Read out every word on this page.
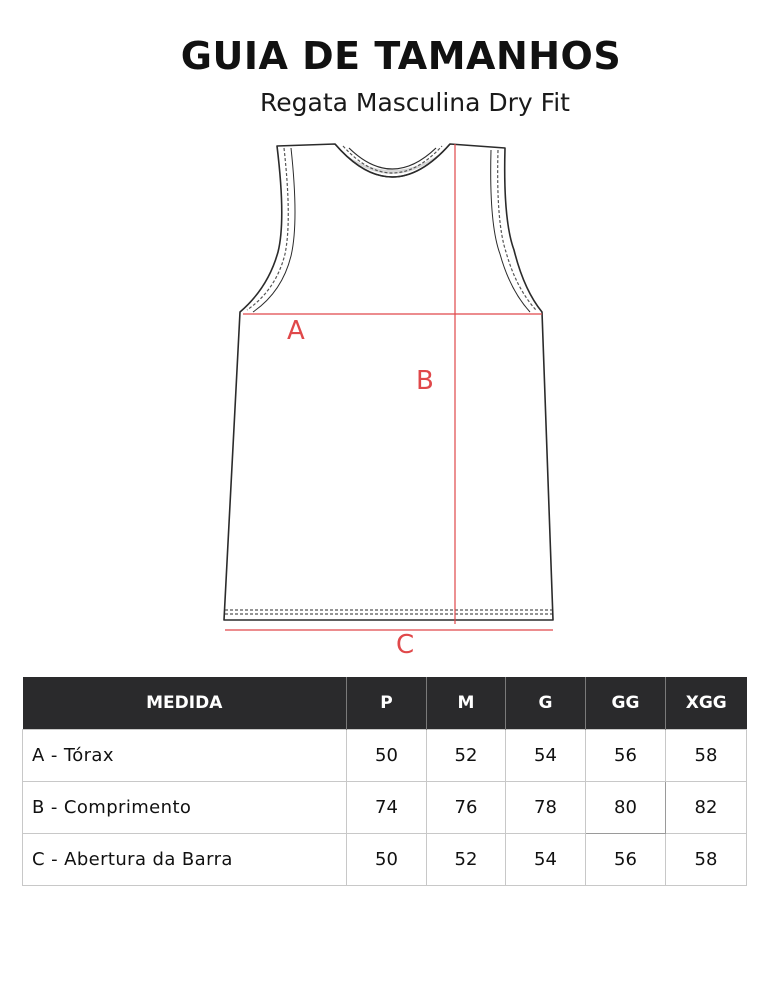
GUIA DE TAMANHOS
Regata Masculina Dry Fit
A
B
C
MEDIDA	P	M	G	GG	XGG
A - Tórax	50	52	54	56	58
B - Comprimento	74	76	78	80	82
C - Abertura da Barra	50	52	54	56	58
